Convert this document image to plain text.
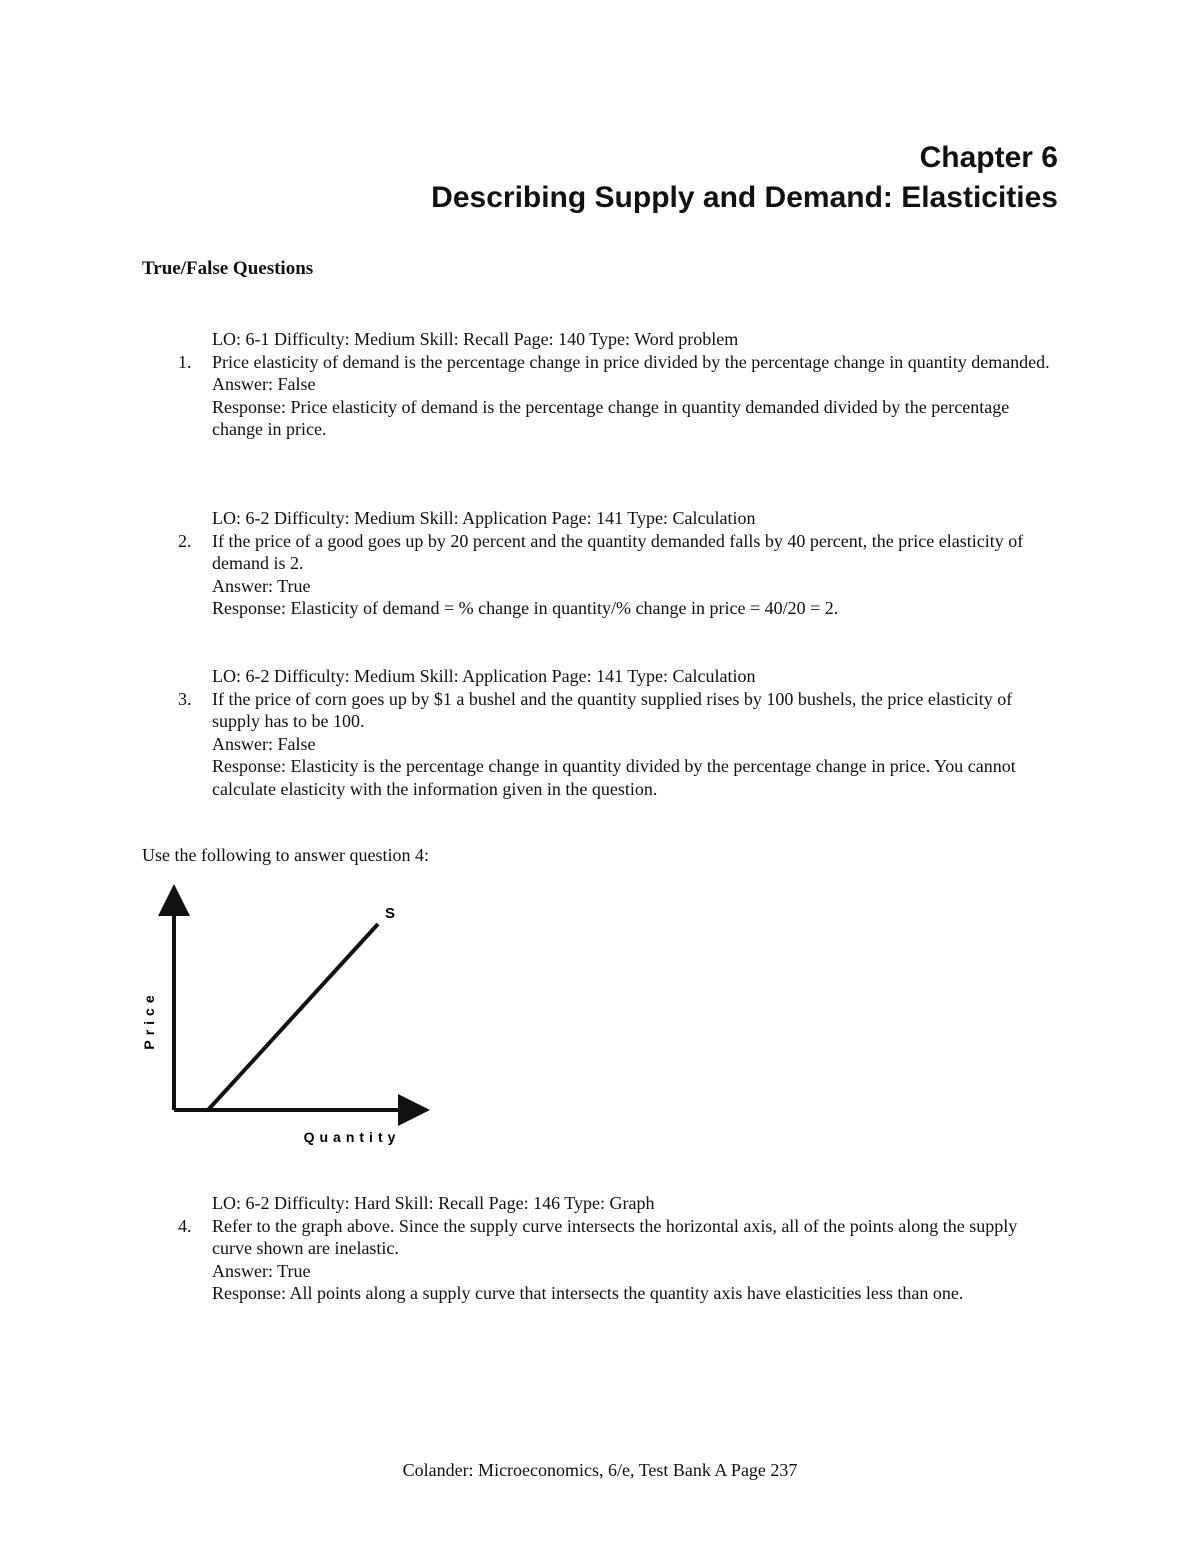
Chapter 6
Describing Supply and Demand: Elasticities
True/False Questions
LO: 6-1 Difficulty: Medium Skill: Recall Page: 140 Type: Word problem
1.	Price elasticity of demand is the percentage change in price divided by the percentage change in quantity demanded.
Answer: False
Response: Price elasticity of demand is the percentage change in quantity demanded divided by the percentage change in price.
LO: 6-2 Difficulty: Medium Skill: Application Page: 141 Type: Calculation
2.	If the price of a good goes up by 20 percent and the quantity demanded falls by 40 percent, the price elasticity of demand is 2.
Answer: True
Response: Elasticity of demand = % change in quantity/% change in price = 40/20 = 2.
LO: 6-2 Difficulty: Medium Skill: Application Page: 141 Type: Calculation
3.	If the price of corn goes up by $1 a bushel and the quantity supplied rises by 100 bushels, the price elasticity of supply has to be 100.
Answer: False
Response: Elasticity is the percentage change in quantity divided by the percentage change in price. You cannot calculate elasticity with the information given in the question.
Use the following to answer question 4:
S
Price
Quantity
LO: 6-2 Difficulty: Hard Skill: Recall Page: 146 Type: Graph
4.	Refer to the graph above. Since the supply curve intersects the horizontal axis, all of the points along the supply curve shown are inelastic.
Answer: True
Response: All points along a supply curve that intersects the quantity axis have elasticities less than one.
Colander: Microeconomics, 6/e, Test Bank A Page 237
